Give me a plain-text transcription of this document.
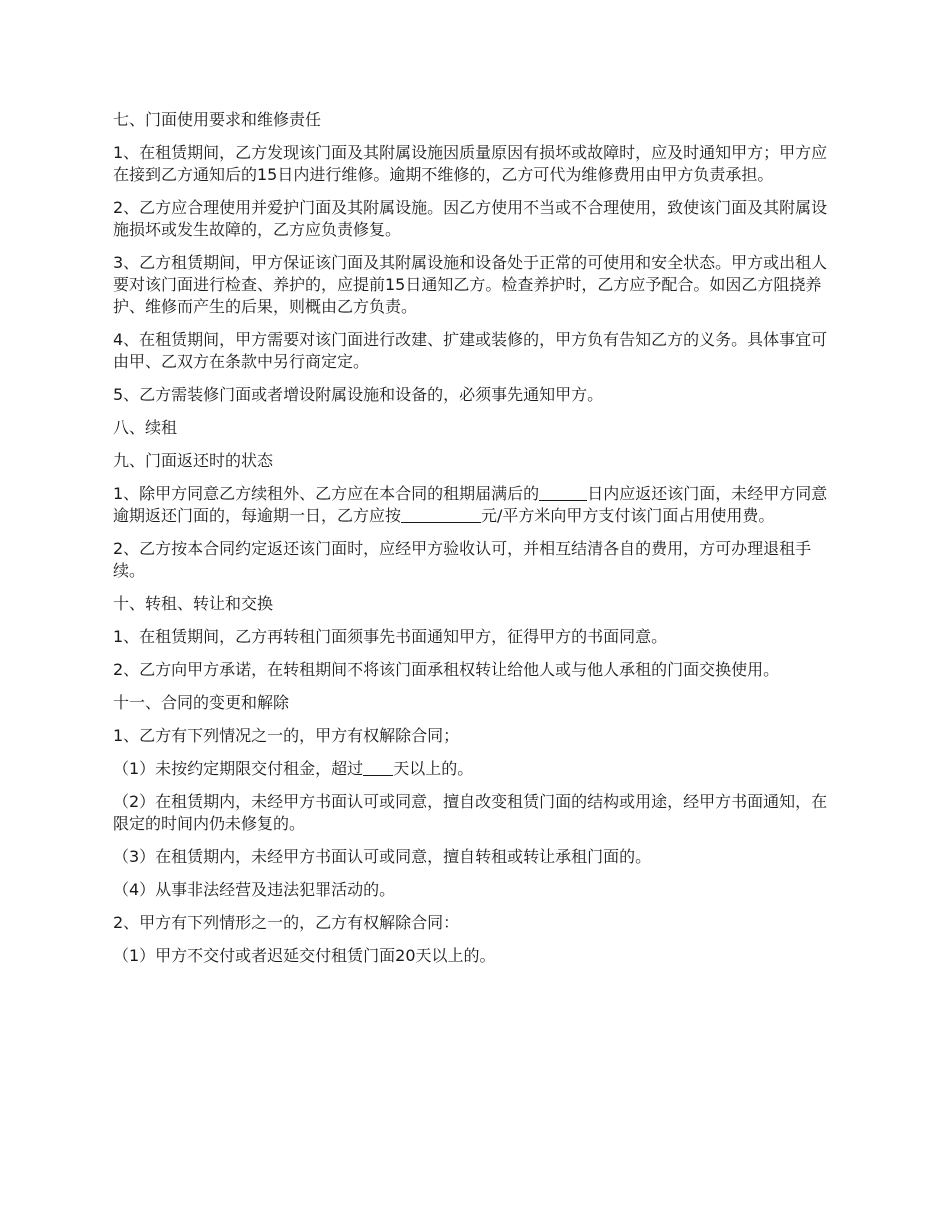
七、门面使用要求和维修责任

1、在租赁期间，乙方发现该门面及其附属设施因质量原因有损坏或故障时，应及时通知甲方；甲方应在接到乙方通知后的15日内进行维修。逾期不维修的，乙方可代为维修费用由甲方负责承担。

2、乙方应合理使用并爱护门面及其附属设施。因乙方使用不当或不合理使用，致使该门面及其附属设施损坏或发生故障的，乙方应负责修复。

3、乙方租赁期间，甲方保证该门面及其附属设施和设备处于正常的可使用和安全状态。甲方或出租人要对该门面进行检查、养护的，应提前15日通知乙方。检查养护时，乙方应予配合。如因乙方阻挠养护、维修而产生的后果，则概由乙方负责。

4、在租赁期间，甲方需要对该门面进行改建、扩建或装修的，甲方负有告知乙方的义务。具体事宜可由甲、乙双方在条款中另行商定定。

5、乙方需装修门面或者增设附属设施和设备的，必须事先通知甲方。

八、续租

九、门面返还时的状态

1、除甲方同意乙方续租外、乙方应在本合同的租期届满后的	日内应返还该门面，未经甲方同意逾期返还门面的，每逾期一日，乙方应按	元/平方米向甲方支付该门面占用使用费。

2、乙方按本合同约定返还该门面时，应经甲方验收认可，并相互结清各自的费用，方可办理退租手续。

十、转租、转让和交换

1、在租赁期间，乙方再转租门面须事先书面通知甲方，征得甲方的书面同意。

2、乙方向甲方承诺，在转租期间不将该门面承租权转让给他人或与他人承租的门面交换使用。

十一、合同的变更和解除

1、乙方有下列情况之一的，甲方有权解除合同；

（1）未按约定期限交付租金，超过 天以上的。

（2）在租赁期内，未经甲方书面认可或同意，擅自改变租赁门面的结构或用途，经甲方书面通知，在限定的时间内仍未修复的。

（3）在租赁期内，未经甲方书面认可或同意，擅自转租或转让承租门面的。

（4）从事非法经营及违法犯罪活动的。

2、甲方有下列情形之一的，乙方有权解除合同：

（1）甲方不交付或者迟延交付租赁门面20天以上的。
